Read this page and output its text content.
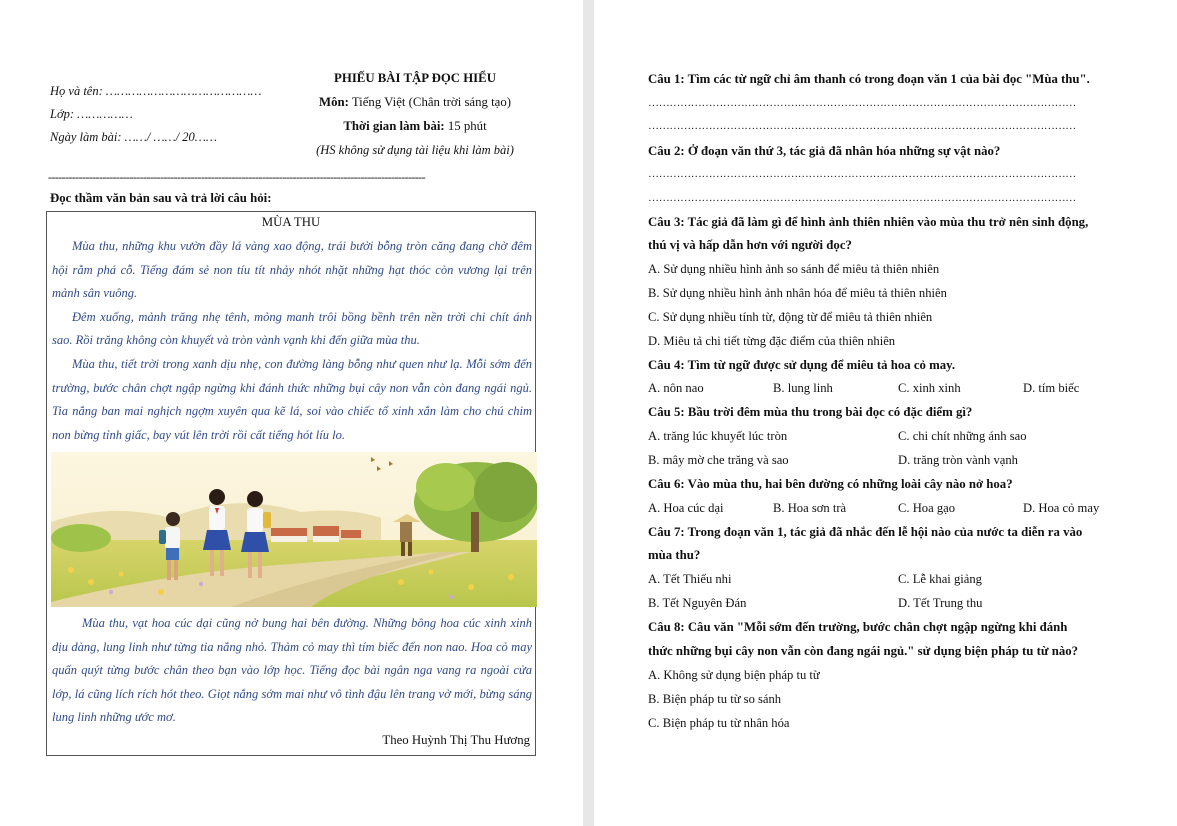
Họ và tên: ……………………………………
Lớp: ……………
Ngày làm bài: ……/ ……/ 20……
PHIẾU BÀI TẬP ĐỌC HIỂU
Môn: Tiếng Việt (Chân trời sáng tạo)
Thời gian làm bài: 15 phút
(HS không sử dụng tài liệu khi làm bài)
---------------------------------------------------------------------------------------------------------------
Đọc thầm văn bản sau và trả lời câu hỏi:
MÙA THU

Mùa thu, những khu vườn đầy lá vàng xao động, trái bưởi bỗng tròn căng đang chờ đêm hội rằm phá cỗ. Tiếng đám sẻ non tíu tít nhảy nhót nhặt những hạt thóc còn vương lại trên mảnh sân vuông.

Đêm xuống, mảnh trăng nhẹ tênh, mỏng manh trôi bồng bềnh trên nền trời chi chít ánh sao. Rồi trăng không còn khuyết và tròn vành vạnh khi đến giữa mùa thu.

Mùa thu, tiết trời trong xanh dịu nhẹ, con đường làng bỗng như quen như lạ. Mỗi sớm đến trường, bước chân chợt ngập ngừng khi đánh thức những bụi cây non vẫn còn đang ngái ngủ. Tia nắng ban mai nghịch ngợm xuyên qua kẽ lá, soi vào chiếc tổ xinh xắn làm cho chú chim non bừng tỉnh giấc, bay vút lên trời rồi cất tiếng hót líu lo.

Mùa thu, vạt hoa cúc dại cũng nở bung hai bên đường. Những bông hoa cúc xinh xinh dịu dàng, lung linh như từng tia nắng nhỏ. Thảm cỏ may thì tím biếc đến non nao. Hoa cỏ may quấn quýt từng bước chân theo bạn vào lớp học. Tiếng đọc bài ngân nga vang ra ngoài cửa lớp, lá cũng lích rích hót theo. Giọt nắng sớm mai như vô tình đậu lên trang vở mới, bừng sáng lung linh những ước mơ.

Theo Huỳnh Thị Thu Hương
Câu 1: Tìm các từ ngữ chỉ âm thanh có trong đoạn văn 1 của bài đọc "Mùa thu".
…………………………………………………………………………………………………………
…………………………………………………………………………………………………………
Câu 2: Ở đoạn văn thứ 3, tác giả đã nhân hóa những sự vật nào?
…………………………………………………………………………………………………………
…………………………………………………………………………………………………………
Câu 3: Tác giả đã làm gì để hình ảnh thiên nhiên vào mùa thu trở nên sinh động,
thú vị và hấp dẫn hơn với người đọc?
A. Sử dụng nhiều hình ảnh so sánh để miêu tả thiên nhiên
B. Sử dụng nhiều hình ảnh nhân hóa để miêu tả thiên nhiên
C. Sử dụng nhiều tính từ, động từ để miêu tả thiên nhiên
D. Miêu tả chi tiết từng đặc điểm của thiên nhiên
Câu 4: Tìm từ ngữ được sử dụng để miêu tả hoa cỏ may.
A. nôn nao	B. lung linh	C. xinh xinh	D. tím biếc
Câu 5: Bầu trời đêm mùa thu trong bài đọc có đặc điểm gì?
A. trăng lúc khuyết lúc tròn	C. chi chít những ánh sao
B. mây mờ che trăng và sao	D. trăng tròn vành vạnh
Câu 6: Vào mùa thu, hai bên đường có những loài cây nào nở hoa?
A. Hoa cúc dại	B. Hoa sơn trà	C. Hoa gạo	D. Hoa cỏ may
Câu 7: Trong đoạn văn 1, tác giả đã nhắc đến lễ hội nào của nước ta diễn ra vào
mùa thu?
A. Tết Thiếu nhi	C. Lễ khai giảng
B. Tết Nguyên Đán	D. Tết Trung thu
Câu 8: Câu văn "Mỗi sớm đến trường, bước chân chợt ngập ngừng khi đánh
thức những bụi cây non vẫn còn đang ngái ngủ." sử dụng biện pháp tu từ nào?
A. Không sử dụng biện pháp tu từ
B. Biện pháp tu từ so sánh
C. Biện pháp tu từ nhân hóa
